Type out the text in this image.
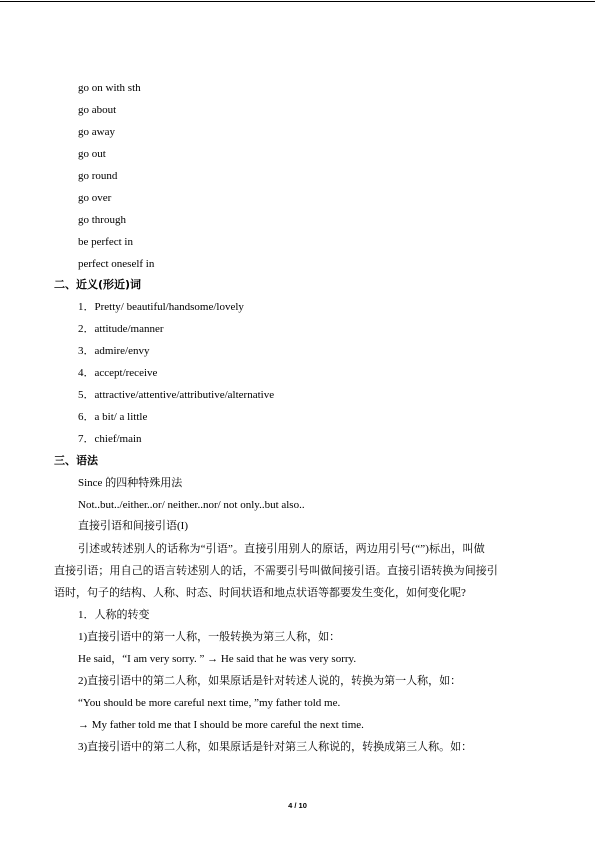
go on with sth
go about
go away
go out
go round
go over
go through
be perfect in
perfect oneself in
二、近义(形近)词
1．Pretty/ beautiful/handsome/lovely
2．attitude/manner
3．admire/envy
4．accept/receive
5．attractive/attentive/attributive/alternative
6．a bit/ a little
7．chief/main
三、语法
Since 的四种特殊用法
Not..but../either..or/ neither..nor/ not only..but also..
直接引语和间接引语(I)
引述或转述别人的话称为“引语”。直接引用别人的原话，两边用引号(“”)标出，叫做
直接引语；用自己的语言转述别人的话，不需要引号叫做间接引语。直接引语转换为间接引
语时，句子的结构、人称、时态、时间状语和地点状语等都要发生变化，如何变化呢?
1．人称的转变
1)直接引语中的第一人称，一般转换为第三人称，如：
He said，“I am very sorry. ” → He said that he was very sorry.
2)直接引语中的第二人称，如果原话是针对转述人说的，转换为第一人称，如：
“You should be more careful next time, ”my father told me.
→ My father told me that I should be more careful the next time.
3)直接引语中的第二人称，如果原话是针对第三人称说的，转换成第三人称。如：
4 / 10
